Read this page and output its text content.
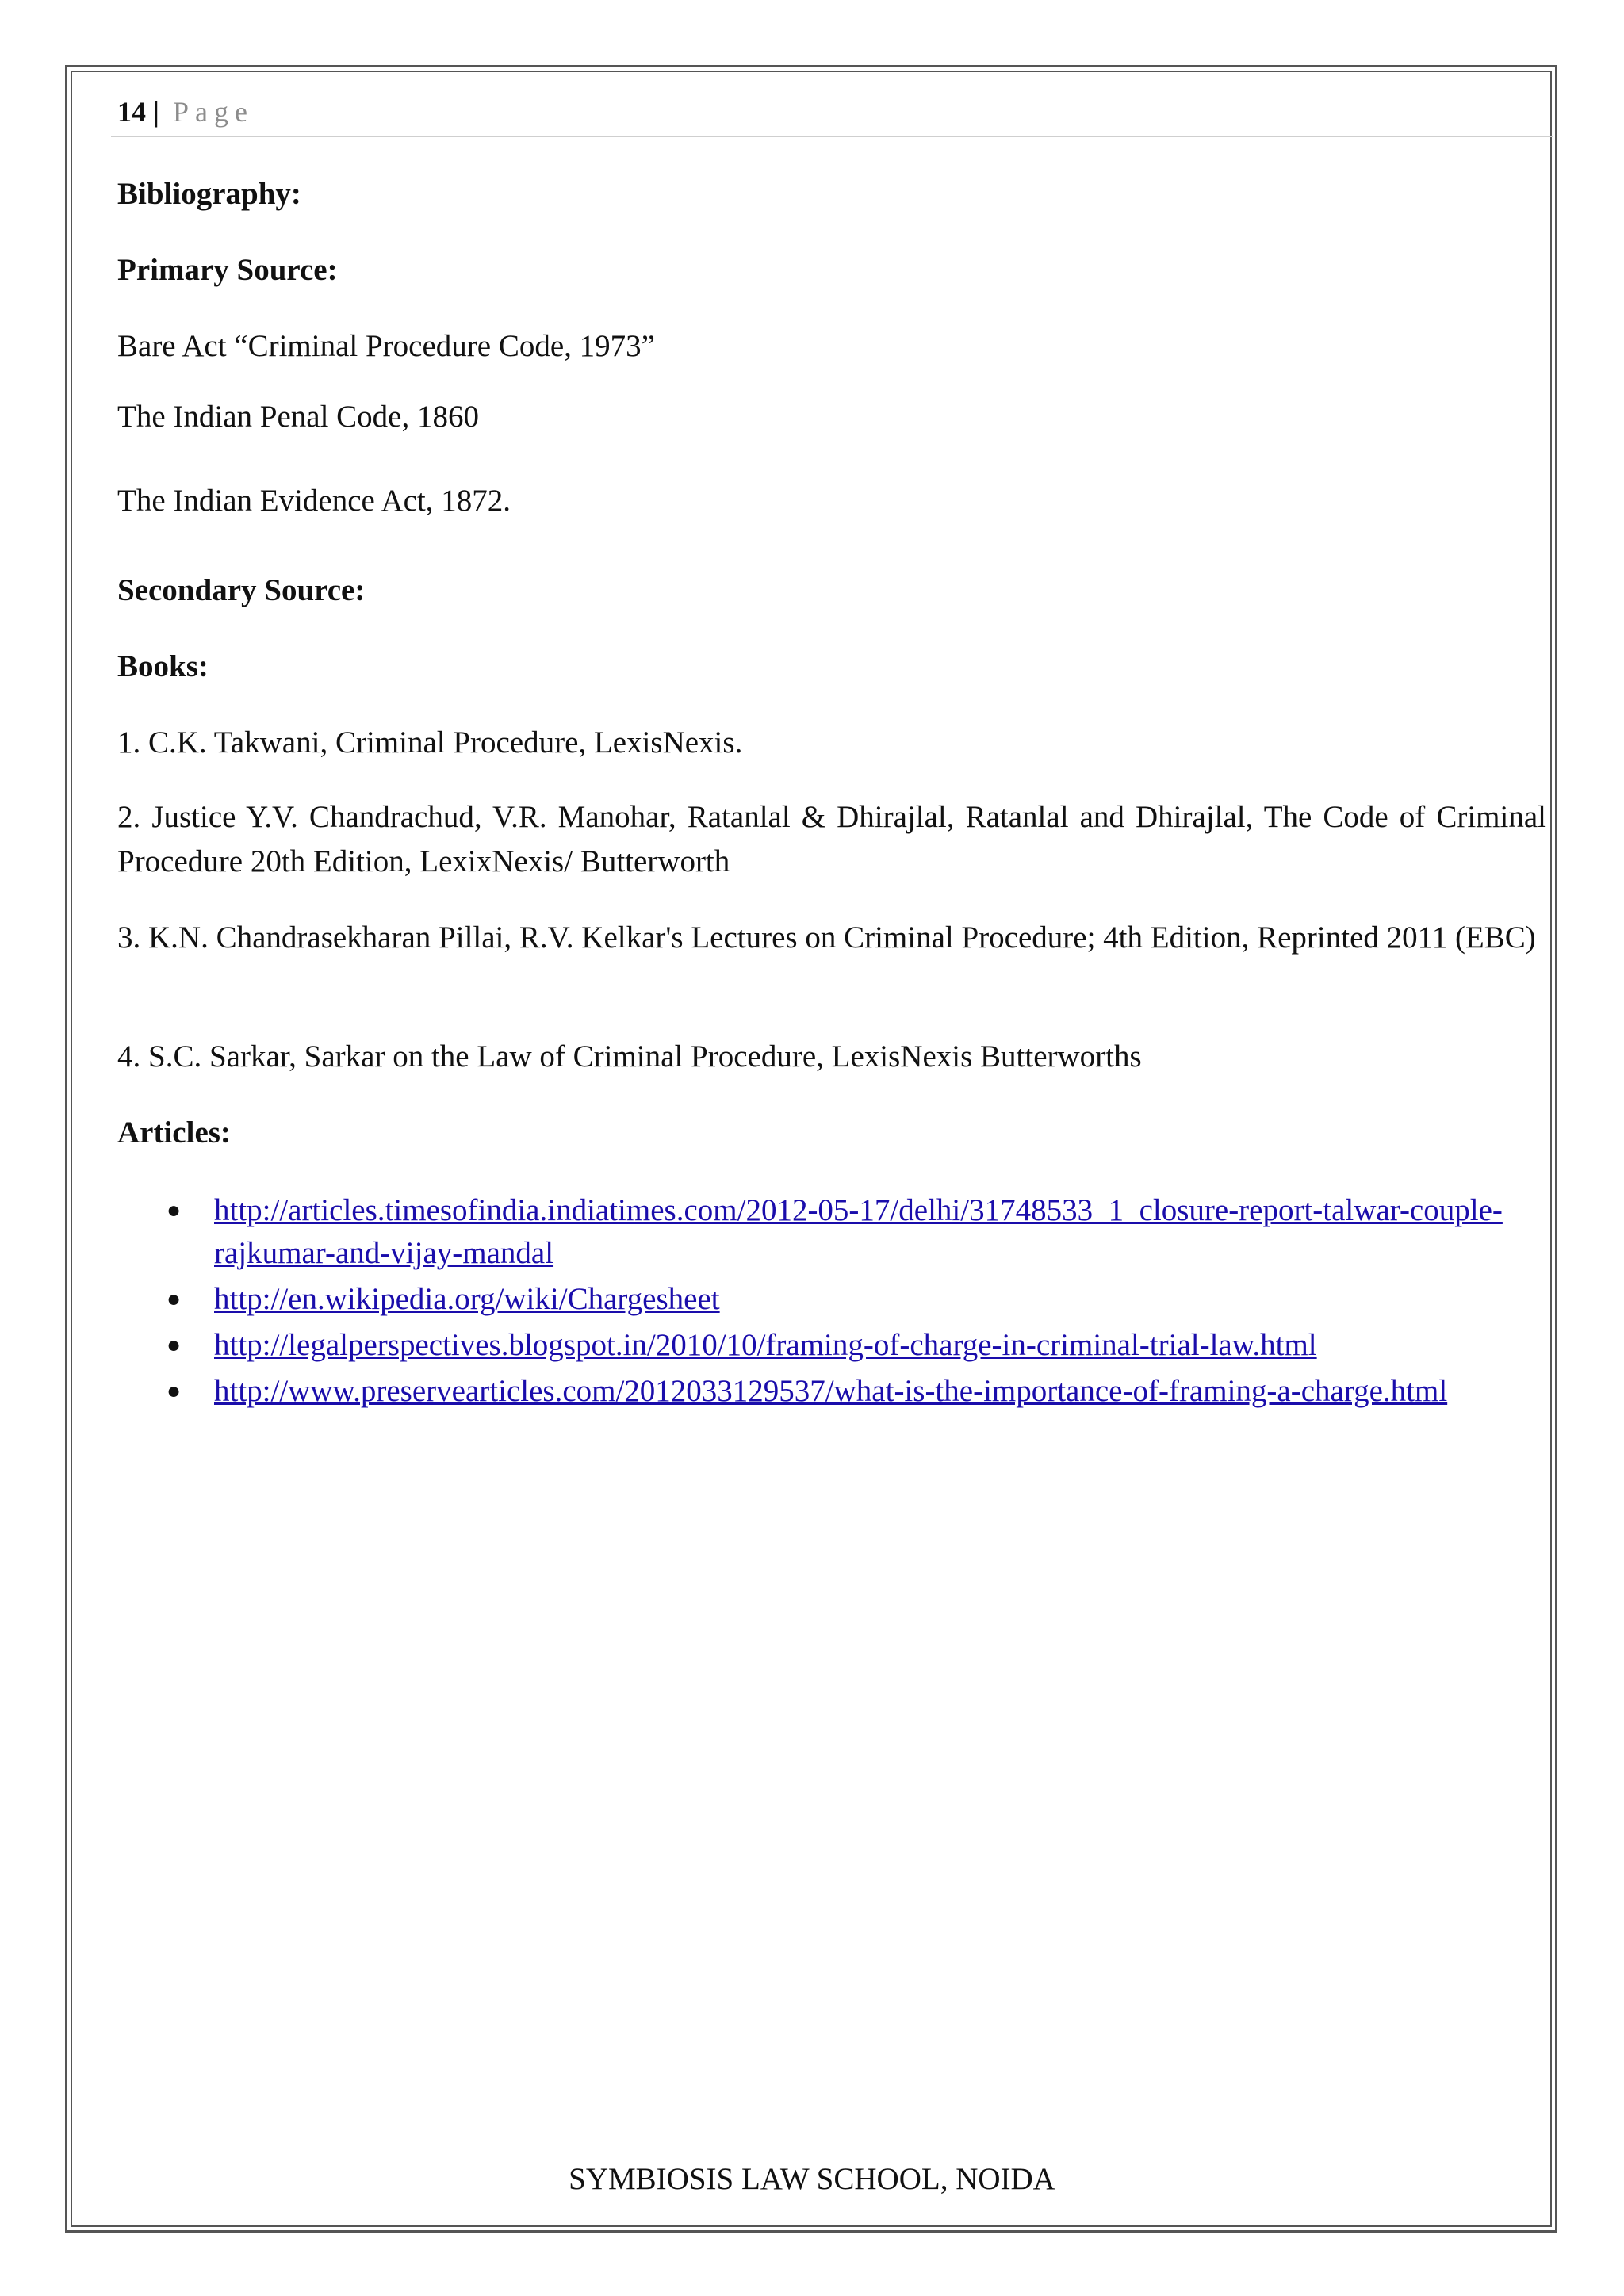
14 | Page
Bibliography:
Primary Source:
Bare Act “Criminal Procedure Code, 1973”
The Indian Penal Code, 1860
The Indian Evidence Act, 1872.
Secondary Source:
Books:
1. C.K. Takwani, Criminal Procedure, LexisNexis.
2. Justice Y.V. Chandrachud, V.R. Manohar, Ratanlal & Dhirajlal, Ratanlal and Dhirajlal, The Code of Criminal Procedure 20th Edition, LexixNexis/ Butterworth
3. K.N. Chandrasekharan Pillai, R.V. Kelkar's Lectures on Criminal Procedure; 4th Edition, Reprinted 2011 (EBC)
4. S.C. Sarkar, Sarkar on the Law of Criminal Procedure, LexisNexis Butterworths
Articles:
● http://articles.timesofindia.indiatimes.com/2012-05-17/delhi/31748533_1_closure-report-talwar-couple-rajkumar-and-vijay-mandal
● http://en.wikipedia.org/wiki/Chargesheet
● http://legalperspectives.blogspot.in/2010/10/framing-of-charge-in-criminal-trial-law.html
● http://www.preservearticles.com/2012033129537/what-is-the-importance-of-framing-a-charge.html
SYMBIOSIS LAW SCHOOL, NOIDA
